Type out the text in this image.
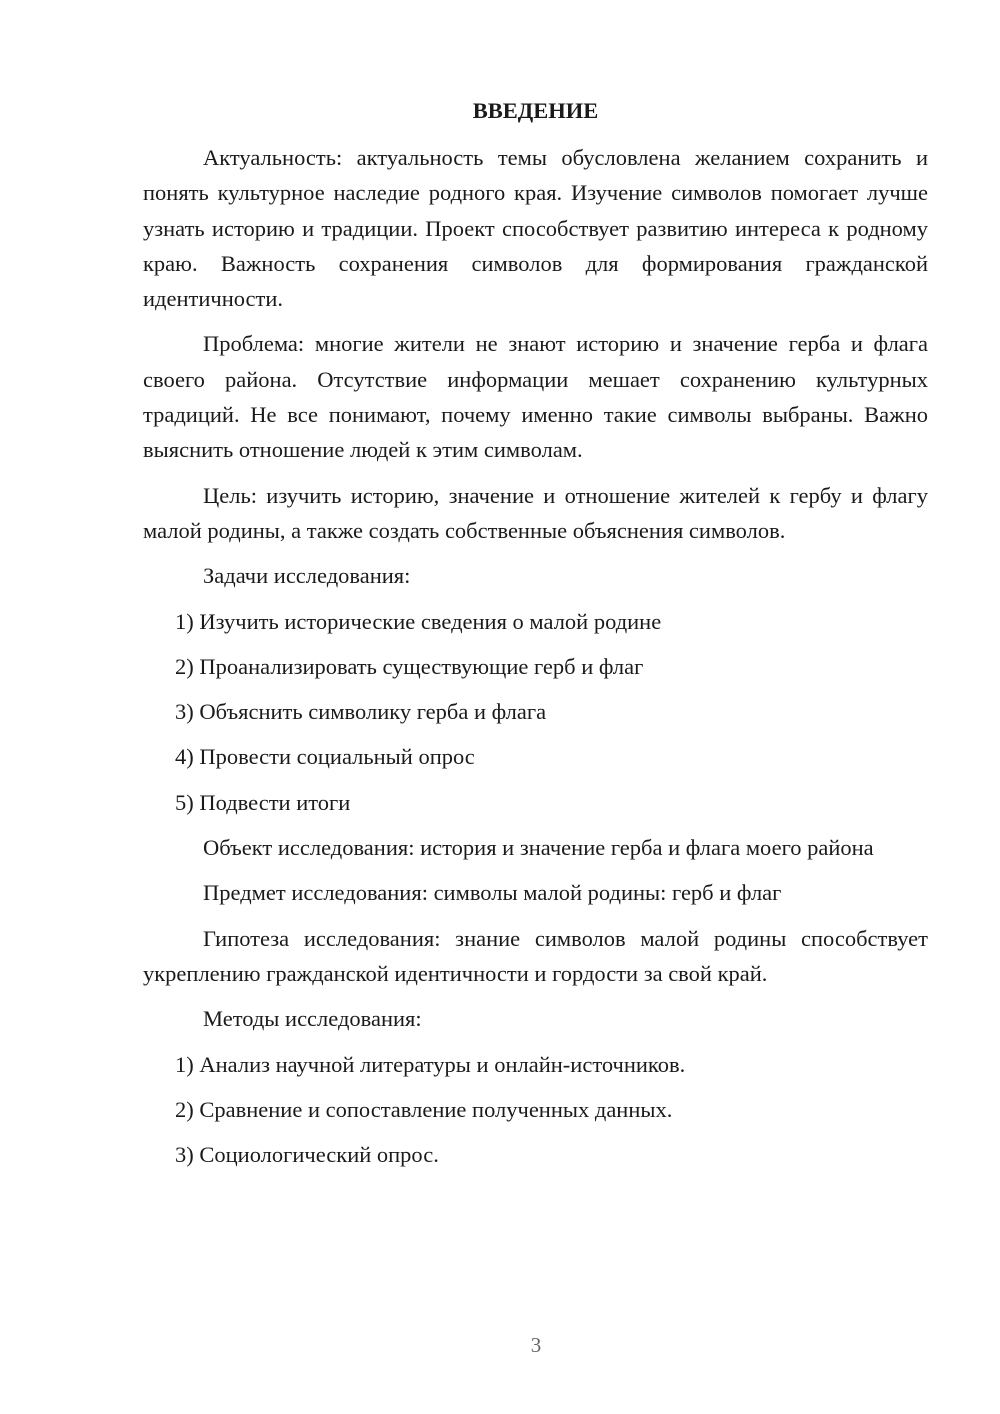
ВВЕДЕНИЕ

Актуальность: актуальность темы обусловлена желанием сохранить и понять культурное наследие родного края. Изучение символов помогает лучше узнать историю и традиции. Проект способствует развитию интереса к родному краю. Важность сохранения символов для формирования гражданской идентичности.

Проблема: многие жители не знают историю и значение герба и флага своего района. Отсутствие информации мешает сохранению культурных традиций. Не все понимают, почему именно такие символы выбраны. Важно выяснить отношение людей к этим символам.

Цель: изучить историю, значение и отношение жителей к гербу и флагу малой родины, а также создать собственные объяснения символов.

Задачи исследования:
1) Изучить исторические сведения о малой родине
2) Проанализировать существующие герб и флаг
3) Объяснить символику герба и флага
4) Провести социальный опрос
5) Подвести итоги

Объект исследования: история и значение герба и флага моего района

Предмет исследования: символы малой родины: герб и флаг

Гипотеза исследования: знание символов малой родины способствует укреплению гражданской идентичности и гордости за свой край.

Методы исследования:
1) Анализ научной литературы и онлайн-источников.
2) Сравнение и сопоставление полученных данных.
3) Социологический опрос.
3
